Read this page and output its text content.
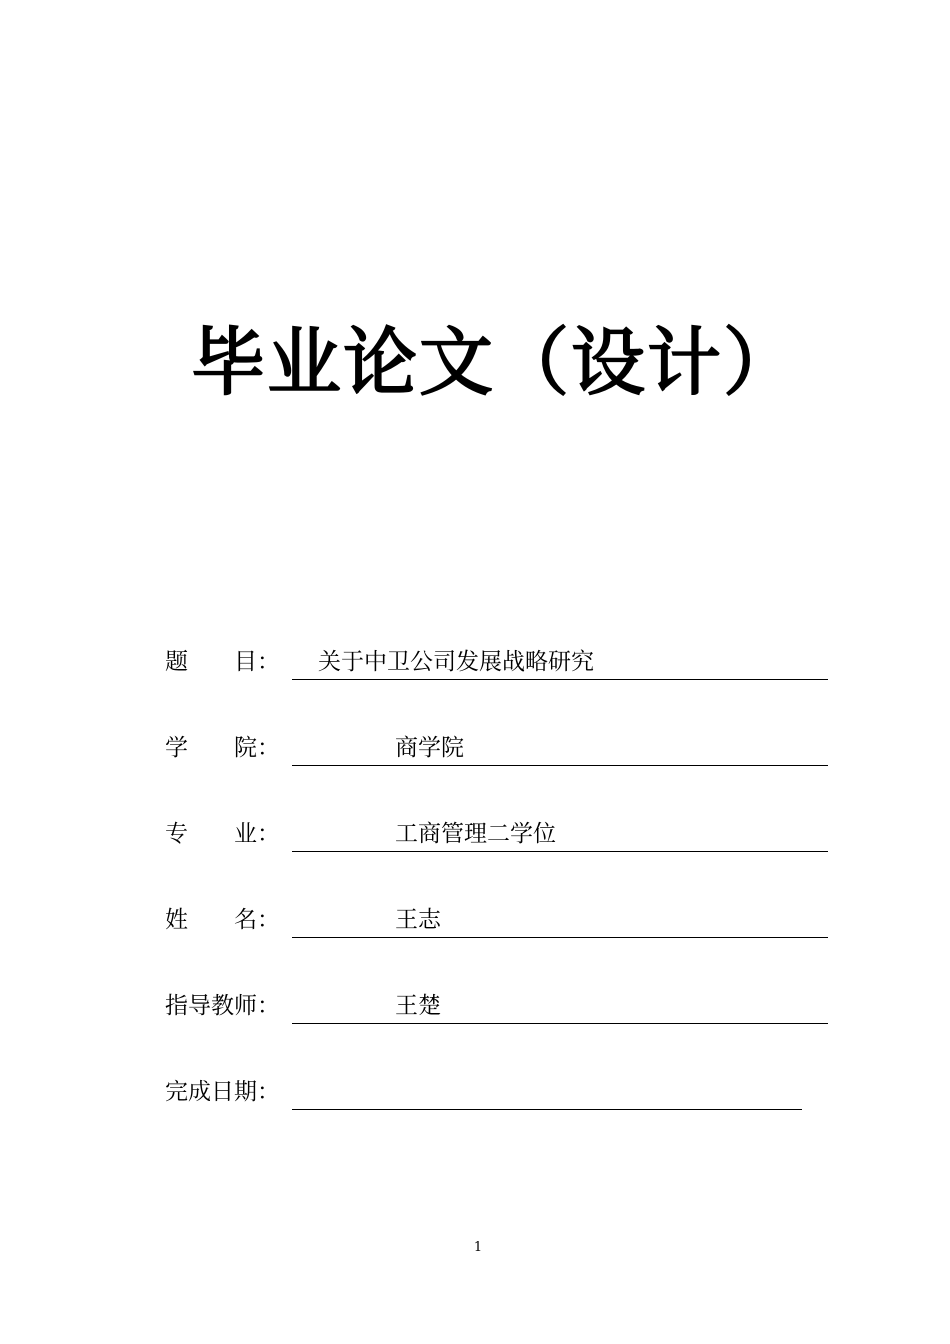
毕业论文（设计）
题　　目： 关于中卫公司发展战略研究
学　　院：	商学院
专　　业：	工商管理二学位
姓　　名：	王志
指导教师：	王楚
完成日期：
1
